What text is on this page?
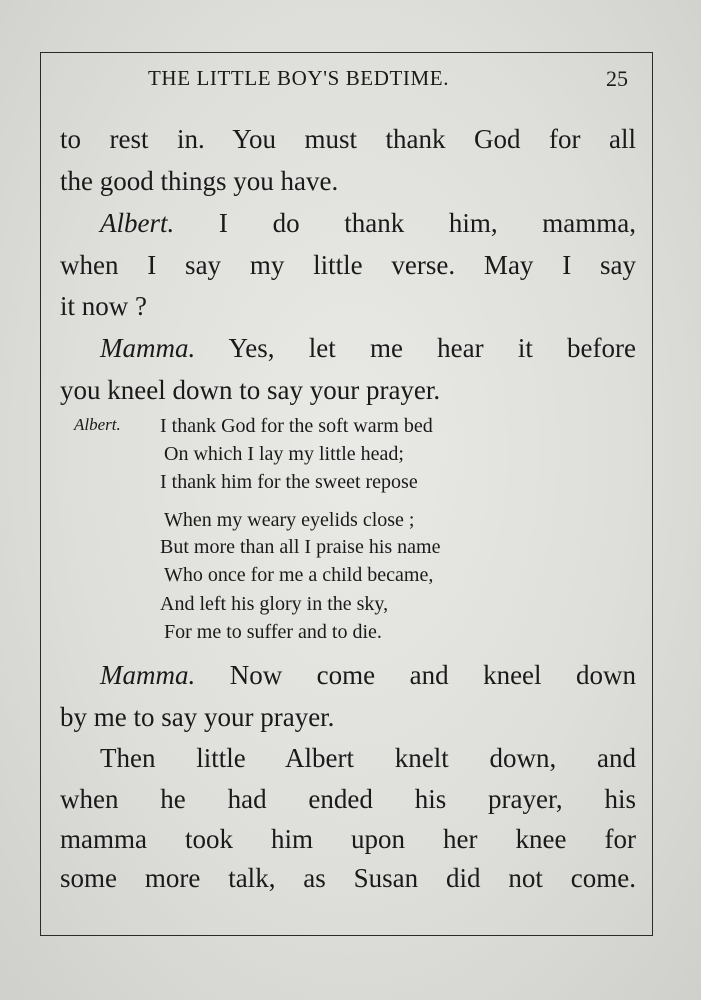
THE LITTLE BOY'S BEDTIME.	25
to rest in. You must thank God for all
the good things you have.
Albert. I do thank him, mamma,
when I say my little verse. May I say
it now ?
Mamma. Yes, let me hear it before
you kneel down to say your prayer.
Albert. I thank God for the soft warm bed
On which I lay my little head;
I thank him for the sweet repose
When my weary eyelids close ;
But more than all I praise his name
Who once for me a child became,
And left his glory in the sky,
For me to suffer and to die.
Mamma. Now come and kneel down
by me to say your prayer.
Then little Albert knelt down, and
when he had ended his prayer, his
mamma took him upon her knee for
some more talk, as Susan did not come.
